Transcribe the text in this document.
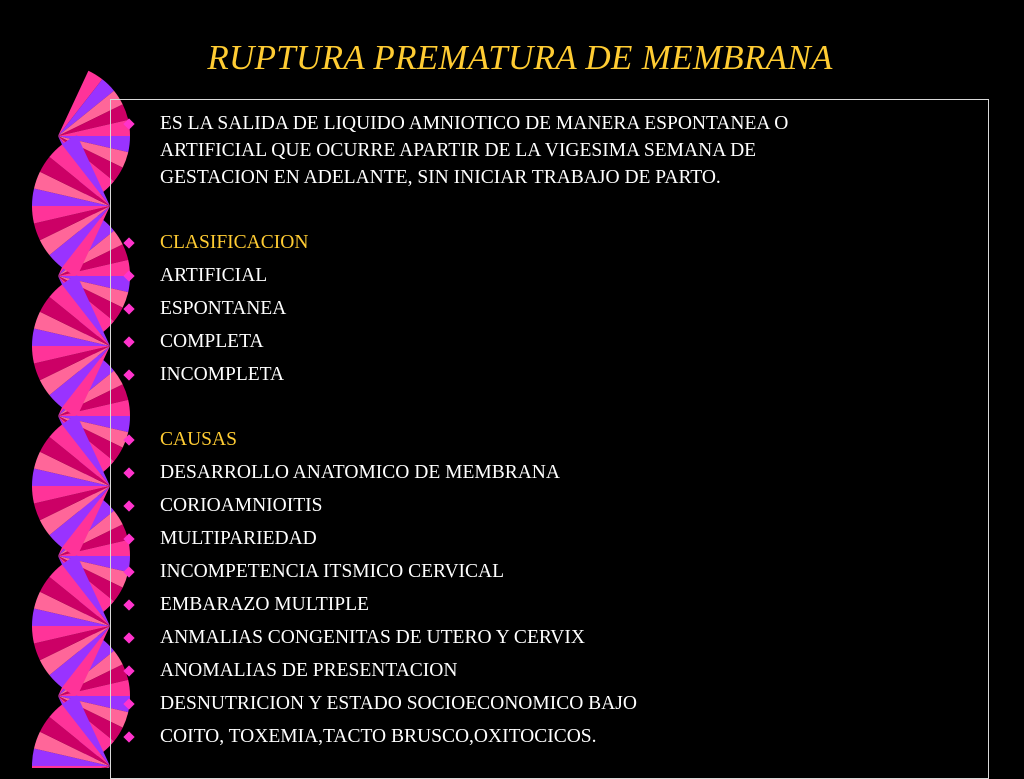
RUPTURA PREMATURA DE MEMBRANA
ES LA SALIDA DE LIQUIDO AMNIOTICO DE MANERA ESPONTANEA O
ARTIFICIAL QUE OCURRE APARTIR DE LA VIGESIMA SEMANA DE
GESTACION EN ADELANTE, SIN INICIAR TRABAJO DE PARTO.
CLASIFICACION
ARTIFICIAL
ESPONTANEA
COMPLETA
INCOMPLETA
CAUSAS
DESARROLLO ANATOMICO DE MEMBRANA
CORIOAMNIOITIS
MULTIPARIEDAD
INCOMPETENCIA ITSMICO CERVICAL
EMBARAZO MULTIPLE
ANMALIAS CONGENITAS DE UTERO Y CERVIX
ANOMALIAS DE PRESENTACION
DESNUTRICION Y ESTADO SOCIOECONOMICO BAJO
COITO, TOXEMIA,TACTO BRUSCO,OXITOCICOS.
